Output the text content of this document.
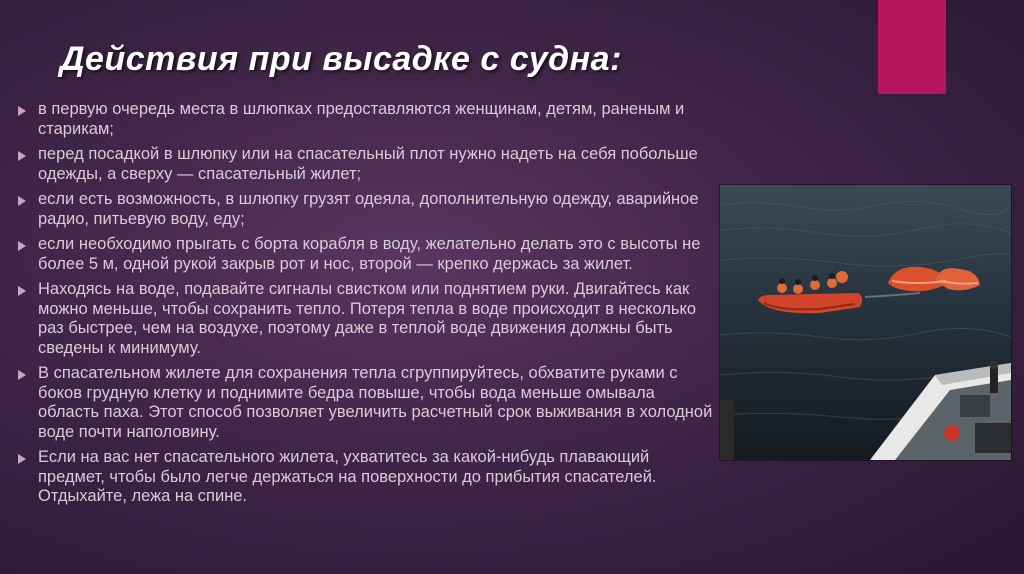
Действия при высадке с судна:
в первую очередь места в шлюпках предоставляются женщинам, детям, раненым и старикам;
перед посадкой в шлюпку или на спасательный плот нужно надеть на себя побольше одежды, а сверху — спасательный жилет;
если есть возможность, в шлюпку грузят одеяла, дополнительную одежду, аварийное радио, питьевую воду, еду;
если необходимо прыгать с борта корабля в воду, желательно делать это с высоты не более 5 м, одной рукой закрыв рот и нос, второй — крепко держась за жилет.
Находясь на воде, подавайте сигналы свистком или поднятием руки. Двигайтесь как можно меньше, чтобы сохранить тепло. Потеря тепла в воде происходит в несколько раз быстрее, чем на воздухе, поэтому даже в теплой воде движения должны быть сведены к минимуму.
В спасательном жилете для сохранения тепла сгруппируйтесь, обхватите руками с боков грудную клетку и поднимите бедра повыше, чтобы вода меньше омывала область паха. Этот способ позволяет увеличить расчетный срок выживания в холодной воде почти наполовину.
Если на вас нет спасательного жилета, ухватитесь за какой-нибудь плавающий предмет, чтобы было легче держаться на поверхности до прибытия спасателей. Отдыхайте, лежа на спине.
